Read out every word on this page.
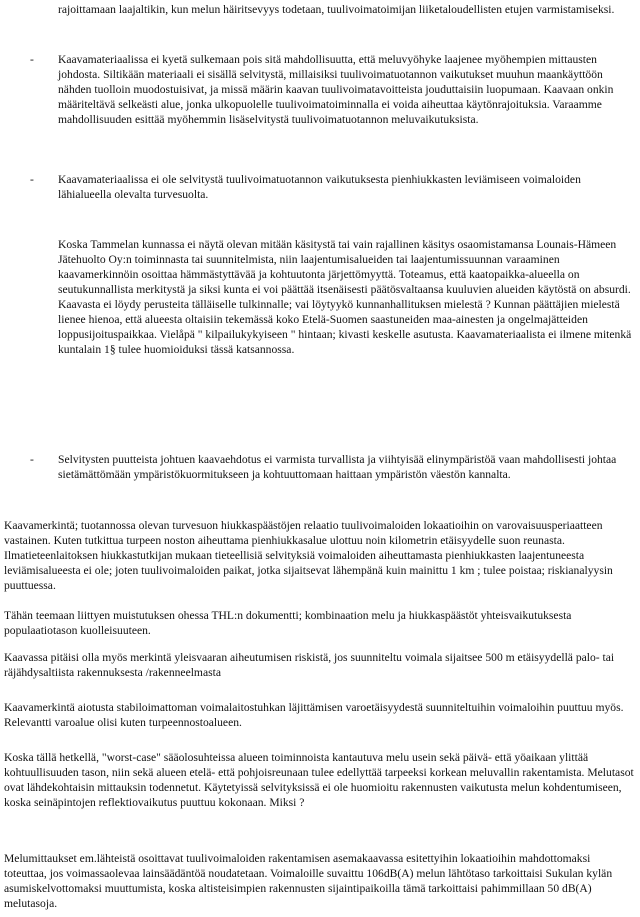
rajoittamaan laajaltikin, kun melun häiritsevyys todetaan, tuulivoimatoimijan liiketaloudellisten etujen varmistamiseksi.

- Kaavamateriaalissa ei kyetä sulkemaan pois sitä mahdollisuutta, että meluvyöhyke laajenee myöhempien mittausten johdosta. Siltikään materiaali ei sisällä selvitystä, millaisiksi tuulivoimatuotannon vaikutukset muuhun maankäyttöön nähden tuolloin muodostuisivat, ja missä määrin kaavan tuulivoimatavoitteista jouduttaisiin luopumaan. Kaavaan onkin määriteltävä selkeästi alue, jonka ulkopuolelle tuulivoimatoiminnalla ei voida aiheuttaa käytönrajoituksia. Varaamme mahdollisuuden esittää myöhemmin lisäselvitystä tuulivoimatuotannon meluvaikutuksista.
- Kaavamateriaalissa ei ole selvitystä tuulivoimatuotannon vaikutuksesta pienhiukkasten leviämiseen voimaloiden lähialueella olevalta turvesuolta.

Koska Tammelan kunnassa ei näytä olevan mitään käsitystä tai vain rajallinen käsitys osaomistamansa Lounais-Hämeen Jätehuolto Oy:n toiminnasta tai suunnitelmista, niin laajentumisalueiden tai laajentumissuunnan varaaminen kaavamerkinnöin osoittaa hämmästyttävää ja kohtuutonta järjettömyyttä. Toteamus, että kaatopaikka-alueella on seutukunnallista merkitystä ja siksi kunta ei voi päättää itsenäisesti päätösvaltaansa kuuluvien alueiden käytöstä on absurdi. Kaavasta ei löydy perusteita tälläiselle tulkinnalle; vai löytyykö kunnanhallituksen mielestä ? Kunnan päättäjien mielestä lienee hienoa, että alueesta oltaisiin tekemässä koko Etelä-Suomen saastuneiden maa-ainesten ja ongelmajätteiden loppusijoituspaikkaa. Vielåpä " kilpailukykyiseen " hintaan; kivasti keskelle asutusta. Kaavamateriaalista ei ilmene mitenkä kuntalain 1§ tulee huomioiduksi tässä katsannossa.

- Selvitysten puutteista johtuen kaavaehdotus ei varmista turvallista ja viihtyisää elinympäristöä vaan mahdollisesti johtaa sietämättömään ympäristökuormitukseen ja kohtuuttomaan haittaan ympäristön väestön kannalta.

Kaavamerkintä; tuotannossa olevan turvesuon hiukkaspäästöjen relaatio tuulivoimaloiden lokaatioihin on varovaisuusperiaatteen vastainen. Kuten tutkittua turpeen noston aiheuttama pienhiukkasalue ulottuu noin kilometrin etäisyydelle suon reunasta. Ilmatieteenlaitoksen hiukkastutkijan mukaan tieteellisiä selvityksiä voimaloiden aiheuttamasta pienhiukkasten laajentuneesta leviämisalueesta ei ole; joten tuulivoimaloiden paikat, jotka sijaitsevat lähempänä kuin mainittu 1 km ; tulee poistaa; riskianalyysin puuttuessa.

Tähän teemaan liittyen muistutuksen ohessa THL:n dokumentti; kombinaation melu ja hiukkaspäästöt yhteisvaikutuksesta populaatiotason kuolleisuuteen.

Kaavassa pitäisi olla myös merkintä yleisvaaran aiheutumisen riskistä, jos suunniteltu voimala sijaitsee 500 m etäisyydellä palo- tai räjähdysaltiista rakennuksesta /rakenneelmasta

Kaavamerkintä aiotusta stabiloimattoman voimalaitostuhkan läjittämisen varoetäisyydestä suunniteltuihin voimaloihin puuttuu myös. Relevantti varoalue olisi kuten turpeennostoalueen.

Koska tällä hetkellä, "worst-case" sääolosuhteissa alueen toiminnoista kantautuva melu usein sekä päivä- että yöaikaan ylittää kohtuullisuuden tason, niin sekä alueen etelä- että pohjoisreunaan tulee edellyttää tarpeeksi korkean meluvallin rakentamista. Melutasot ovat lähdekohtaisin mittauksin todennetut. Käytetyissä selvityksissä ei ole huomioitu rakennusten vaikutusta melun kohdentumiseen, koska seinäpintojen reflektiovaikutus puuttuu kokonaan. Miksi ?

Melumittaukset em.lähteistä osoittavat tuulivoimaloiden rakentamisen asemakaavassa esitettyihin lokaatioihin mahdottomaksi toteuttaa, jos voimassaolevaa lainsäädäntöä noudatetaan. Voimaloille suvaittu 106dB(A) melun lähtötaso tarkoittaisi Sukulan kylän asumiskelvottomaksi muuttumista, koska altisteisimpien rakennusten sijaintipaikoilla tämä tarkoittaisi pahimmillaan 50 dB(A) melutasoja.
